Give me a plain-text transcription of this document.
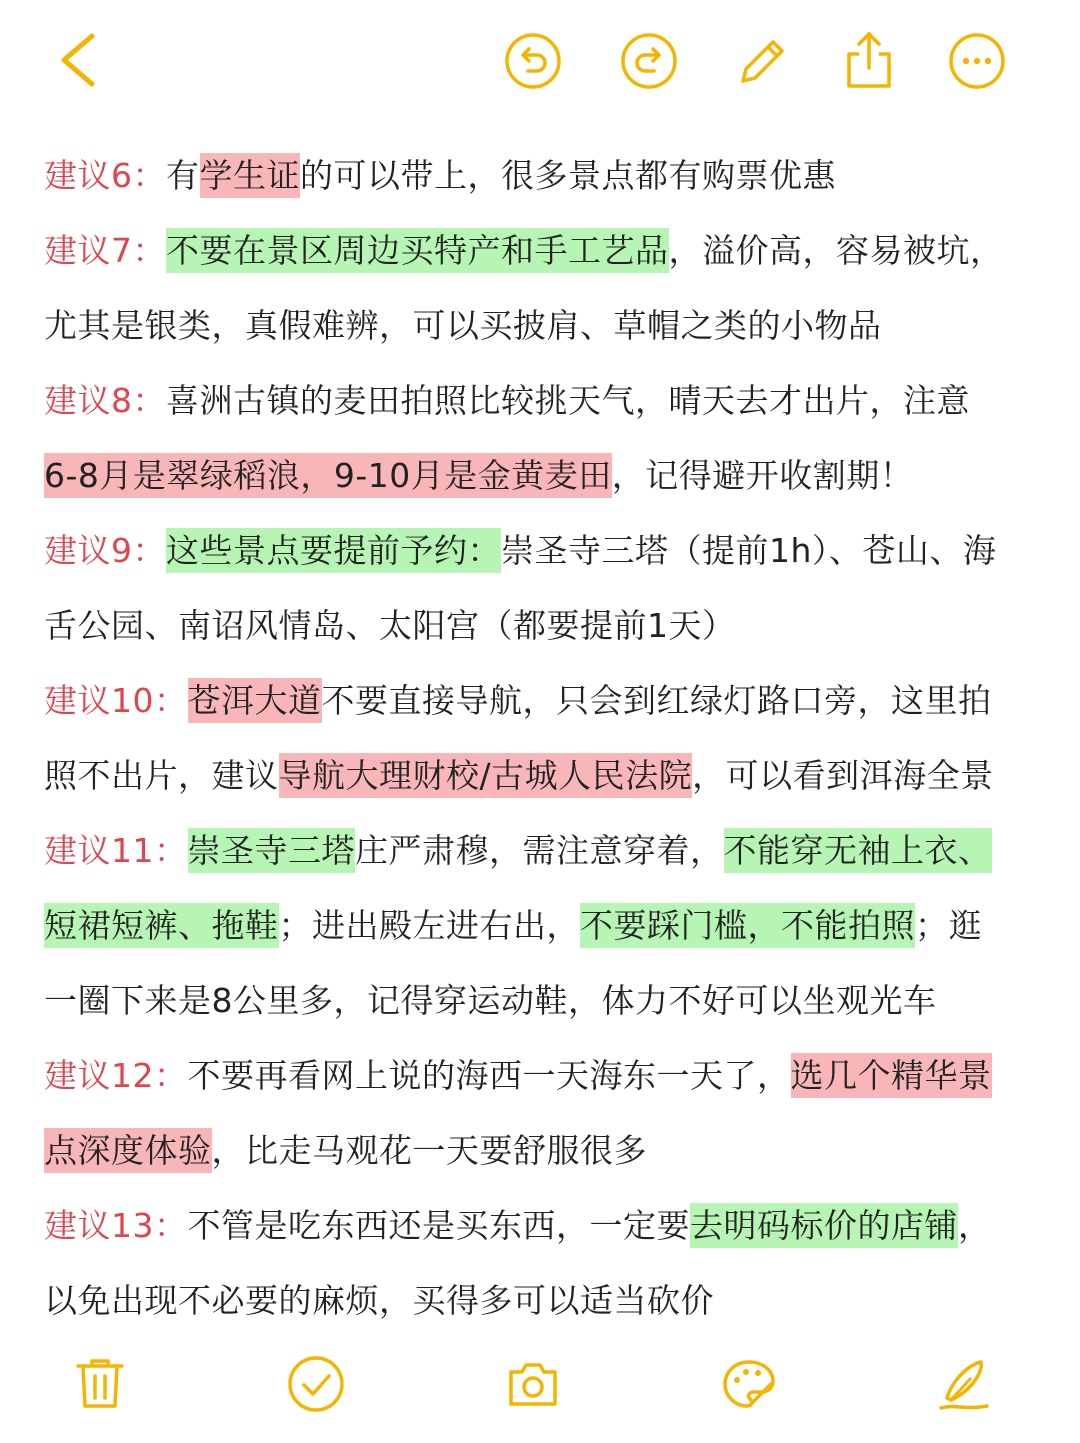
建议6：有学生证的可以带上，很多景点都有购票优惠
建议7：不要在景区周边买特产和手工艺品，溢价高，容易被坑，
尤其是银类，真假难辨，可以买披肩、草帽之类的小物品
建议8：喜洲古镇的麦田拍照比较挑天气，晴天去才出片，注意
6-8月是翠绿稻浪，9-10月是金黄麦田，记得避开收割期！
建议9：这些景点要提前予约：崇圣寺三塔（提前1h）、苍山、海
舌公园、南诏风情岛、太阳宫（都要提前1天）
建议10：苍洱大道不要直接导航，只会到红绿灯路口旁，这里拍
照不出片，建议导航大理财校/古城人民法院，可以看到洱海全景
建议11：崇圣寺三塔庄严肃穆，需注意穿着，不能穿无袖上衣、
短裙短裤、拖鞋；进出殿左进右出，不要踩门槛，不能拍照；逛
一圈下来是8公里多，记得穿运动鞋，体力不好可以坐观光车
建议12：不要再看网上说的海西一天海东一天了，选几个精华景
点深度体验，比走马观花一天要舒服很多
建议13：不管是吃东西还是买东西，一定要去明码标价的店铺，
以免出现不必要的麻烦，买得多可以适当砍价
